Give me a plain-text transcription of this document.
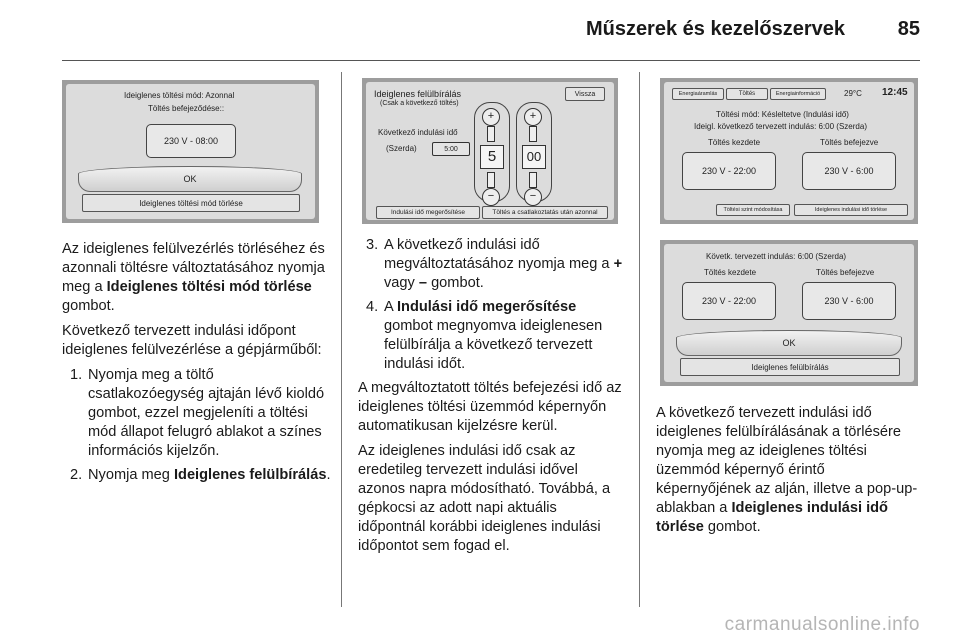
Műszerek és kezelőszervek	85
Ideiglenes töltési mód: Azonnal
Töltés befejeződése::
230 V - 08:00
OK
Ideiglenes töltési mód törlése
Ideiglenes felülbírálás
(Csak a következő töltés)
Vissza
Következő indulási idő
(Szerda)	5:00
+
5
−
+
00
−
Indulási idő megerősítése	Töltés a csatlakoztatás után azonnal
Energiaáramlás	Töltés	Energiainformáció	29°C 12:45
Töltési mód: Késleltetve (Indulási idő)
Ideigl. következő tervezett indulás: 6:00 (Szerda)
Töltés kezdete	Töltés befejezve
230 V - 22:00	230 V - 6:00
Töltési szint módosítása	Ideiglenes indulási idő törlése
Követk. tervezett indulás: 6:00 (Szerda)
Töltés kezdete	Töltés befejezve
230 V - 22:00	230 V - 6:00
OK
Ideiglenes felülbírálás

Az ideiglenes felülvezérlés törléséhez és azonnali töltésre változtatásához nyomja meg a Ideiglenes töltési mód törlése gombot.

Következő tervezett indulási időpont ideiglenes felülvezérlése a gépjárműből:

1. Nyomja meg a töltő csatlakozóegység ajtaján lévő kioldó gombot, ezzel megjeleníti a töltési mód állapot felugró ablakot a színes információs kijelzőn.
2. Nyomja meg Ideiglenes felülbírálás.
3. A következő indulási idő megváltoztatásához nyomja meg a + vagy – gombot.
4. A Indulási idő megerősítése gombot megnyomva ideiglenesen felülbírálja a következő tervezett indulási időt.

A megváltoztatott töltés befejezési idő az ideiglenes töltési üzemmód képernyőn automatikusan kijelzésre kerül.

Az ideiglenes indulási idő csak az eredetileg tervezett indulási idővel azonos napra módosítható. Továbbá, a gépkocsi az adott napi aktuális időpontnál korábbi ideiglenes indulási időpontot sem fogad el.

A következő tervezett indulási idő ideiglenes felülbírálásának a törlésére nyomja meg az ideiglenes töltési üzemmód képernyő érintő képernyőjének az alján, illetve a pop-up-ablakban a Ideiglenes indulási idő törlése gombot.

carmanualsonline.info
